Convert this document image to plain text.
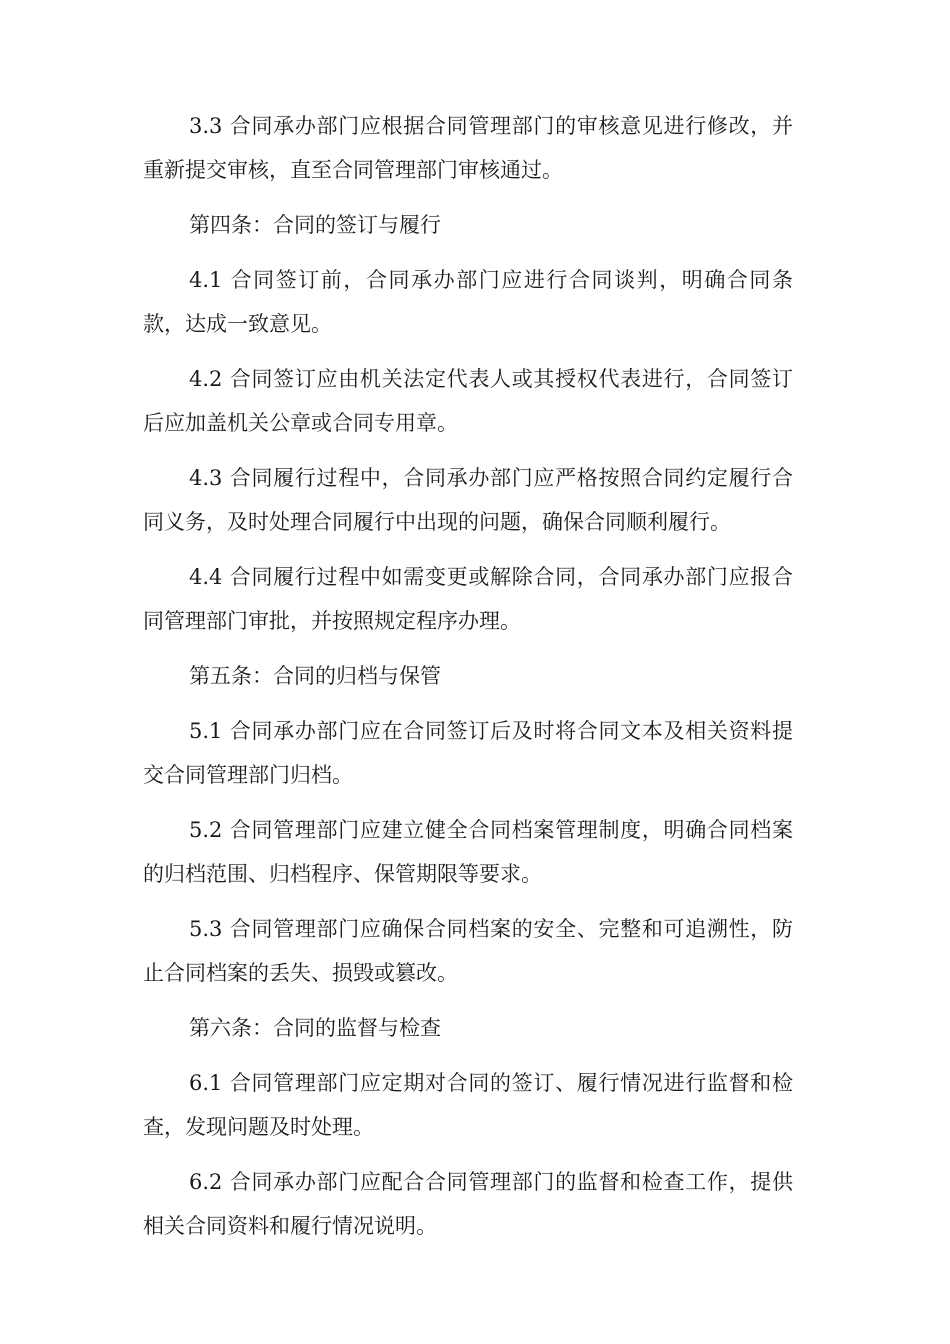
3.3 合同承办部门应根据合同管理部门的审核意见进行修改，并重新提交审核，直至合同管理部门审核通过。

第四条：合同的签订与履行

4.1 合同签订前，合同承办部门应进行合同谈判，明确合同条款，达成一致意见。

4.2 合同签订应由机关法定代表人或其授权代表进行，合同签订后应加盖机关公章或合同专用章。

4.3 合同履行过程中，合同承办部门应严格按照合同约定履行合同义务，及时处理合同履行中出现的问题，确保合同顺利履行。

4.4 合同履行过程中如需变更或解除合同，合同承办部门应报合同管理部门审批，并按照规定程序办理。

第五条：合同的归档与保管

5.1 合同承办部门应在合同签订后及时将合同文本及相关资料提交合同管理部门归档。

5.2 合同管理部门应建立健全合同档案管理制度，明确合同档案的归档范围、归档程序、保管期限等要求。

5.3 合同管理部门应确保合同档案的安全、完整和可追溯性，防止合同档案的丢失、损毁或篡改。

第六条：合同的监督与检查

6.1 合同管理部门应定期对合同的签订、履行情况进行监督和检查，发现问题及时处理。

6.2 合同承办部门应配合合同管理部门的监督和检查工作，提供相关合同资料和履行情况说明。
